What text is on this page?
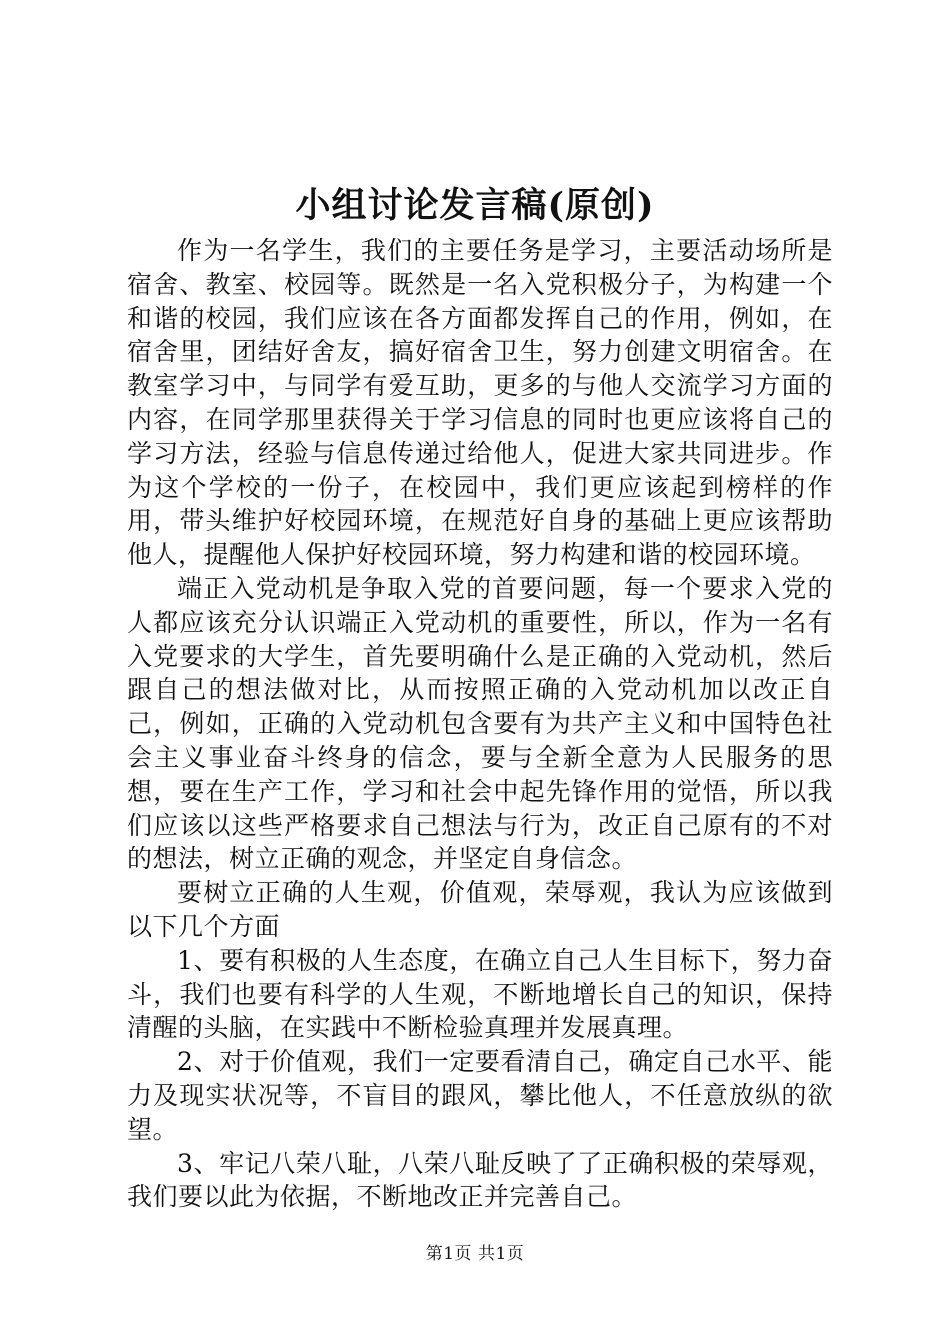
小组讨论发言稿(原创)

作为一名学生，我们的主要任务是学习，主要活动场所是宿舍、教室、校园等。既然是一名入党积极分子，为构建一个和谐的校园，我们应该在各方面都发挥自己的作用，例如，在宿舍里，团结好舍友，搞好宿舍卫生，努力创建文明宿舍。在教室学习中，与同学有爱互助，更多的与他人交流学习方面的内容，在同学那里获得关于学习信息的同时也更应该将自己的学习方法，经验与信息传递过给他人，促进大家共同进步。作为这个学校的一份子，在校园中，我们更应该起到榜样的作用，带头维护好校园环境，在规范好自身的基础上更应该帮助他人，提醒他人保护好校园环境，努力构建和谐的校园环境。

端正入党动机是争取入党的首要问题，每一个要求入党的人都应该充分认识端正入党动机的重要性，所以，作为一名有入党要求的大学生，首先要明确什么是正确的入党动机，然后跟自己的想法做对比，从而按照正确的入党动机加以改正自己，例如，正确的入党动机包含要有为共产主义和中国特色社会主义事业奋斗终身的信念，要与全新全意为人民服务的思想，要在生产工作，学习和社会中起先锋作用的觉悟，所以我们应该以这些严格要求自己想法与行为，改正自己原有的不对的想法，树立正确的观念，并坚定自身信念。

要树立正确的人生观，价值观，荣辱观，我认为应该做到以下几个方面

1、要有积极的人生态度，在确立自己人生目标下，努力奋斗，我们也要有科学的人生观，不断地增长自己的知识，保持清醒的头脑，在实践中不断检验真理并发展真理。

2、对于价值观，我们一定要看清自己，确定自己水平、能力及现实状况等，不盲目的跟风，攀比他人，不任意放纵的欲望。

3、牢记八荣八耻，八荣八耻反映了了正确积极的荣辱观，我们要以此为依据，不断地改正并完善自己。

第1页 共1页
